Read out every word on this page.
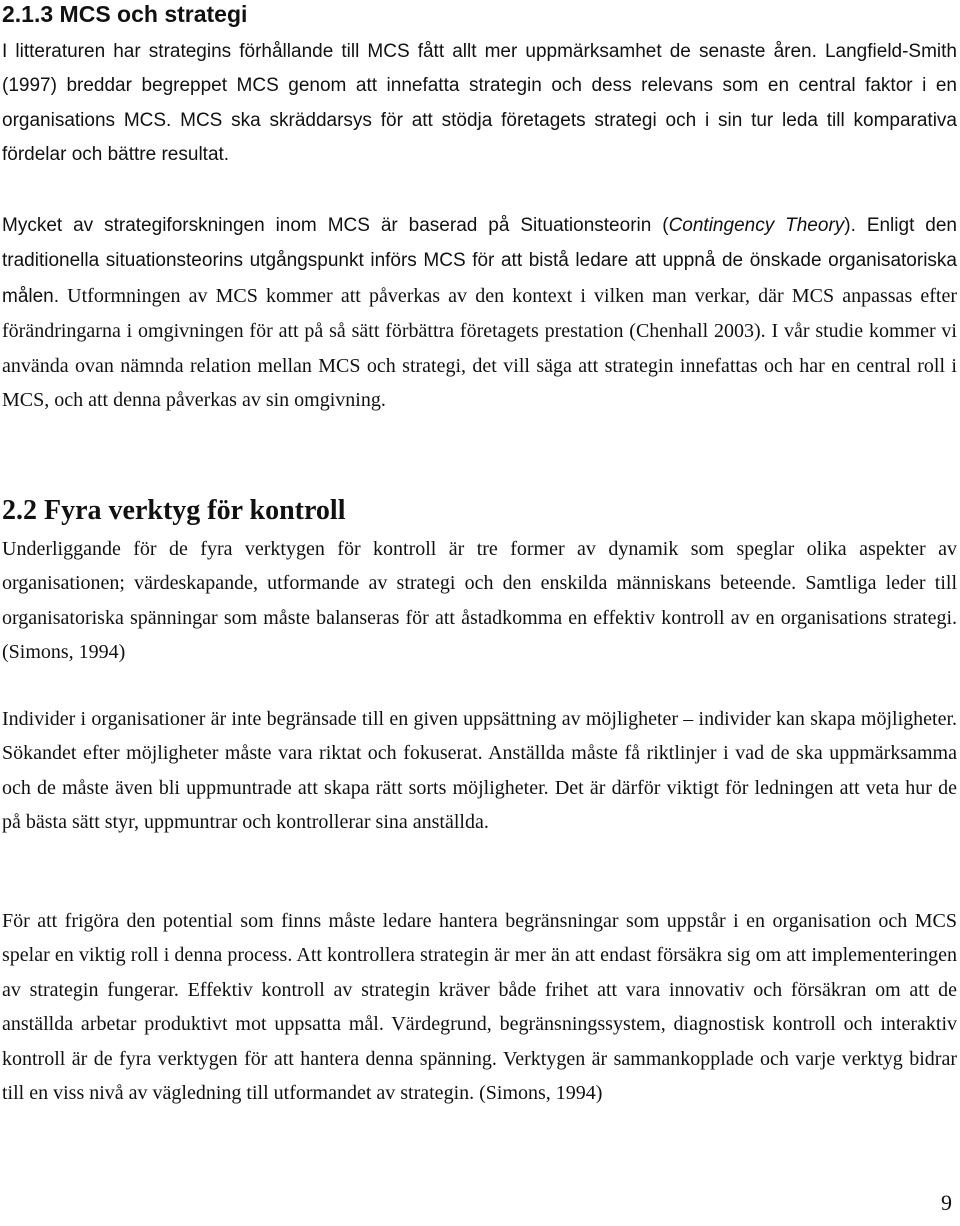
2.1.3 MCS och strategi

I litteraturen har strategins förhållande till MCS fått allt mer uppmärksamhet de senaste åren. Langfield-Smith (1997) breddar begreppet MCS genom att innefatta strategin och dess relevans som en central faktor i en organisations MCS. MCS ska skräddarsys för att stödja företagets strategi och i sin tur leda till komparativa fördelar och bättre resultat.

Mycket av strategiforskningen inom MCS är baserad på Situationsteorin (Contingency Theory). Enligt den traditionella situationsteorins utgångspunkt införs MCS för att bistå ledare att uppnå de önskade organisatoriska målen. Utformningen av MCS kommer att påverkas av den kontext i vilken man verkar, där MCS anpassas efter förändringarna i omgivningen för att på så sätt förbättra företagets prestation (Chenhall 2003). I vår studie kommer vi använda ovan nämnda relation mellan MCS och strategi, det vill säga att strategin innefattas och har en central roll i MCS, och att denna påverkas av sin omgivning.

2.2 Fyra verktyg för kontroll

Underliggande för de fyra verktygen för kontroll är tre former av dynamik som speglar olika aspekter av organisationen; värdeskapande, utformande av strategi och den enskilda människans beteende. Samtliga leder till organisatoriska spänningar som måste balanseras för att åstadkomma en effektiv kontroll av en organisations strategi. (Simons, 1994)

Individer i organisationer är inte begränsade till en given uppsättning av möjligheter – individer kan skapa möjligheter. Sökandet efter möjligheter måste vara riktat och fokuserat. Anställda måste få riktlinjer i vad de ska uppmärksamma och de måste även bli uppmuntrade att skapa rätt sorts möjligheter. Det är därför viktigt för ledningen att veta hur de på bästa sätt styr, uppmuntrar och kontrollerar sina anställda.

För att frigöra den potential som finns måste ledare hantera begränsningar som uppstår i en organisation och MCS spelar en viktig roll i denna process. Att kontrollera strategin är mer än att endast försäkra sig om att implementeringen av strategin fungerar. Effektiv kontroll av strategin kräver både frihet att vara innovativ och försäkran om att de anställda arbetar produktivt mot uppsatta mål. Värdegrund, begränsningssystem, diagnostisk kontroll och interaktiv kontroll är de fyra verktygen för att hantera denna spänning. Verktygen är sammankopplade och varje verktyg bidrar till en viss nivå av vägledning till utformandet av strategin. (Simons, 1994)

9
